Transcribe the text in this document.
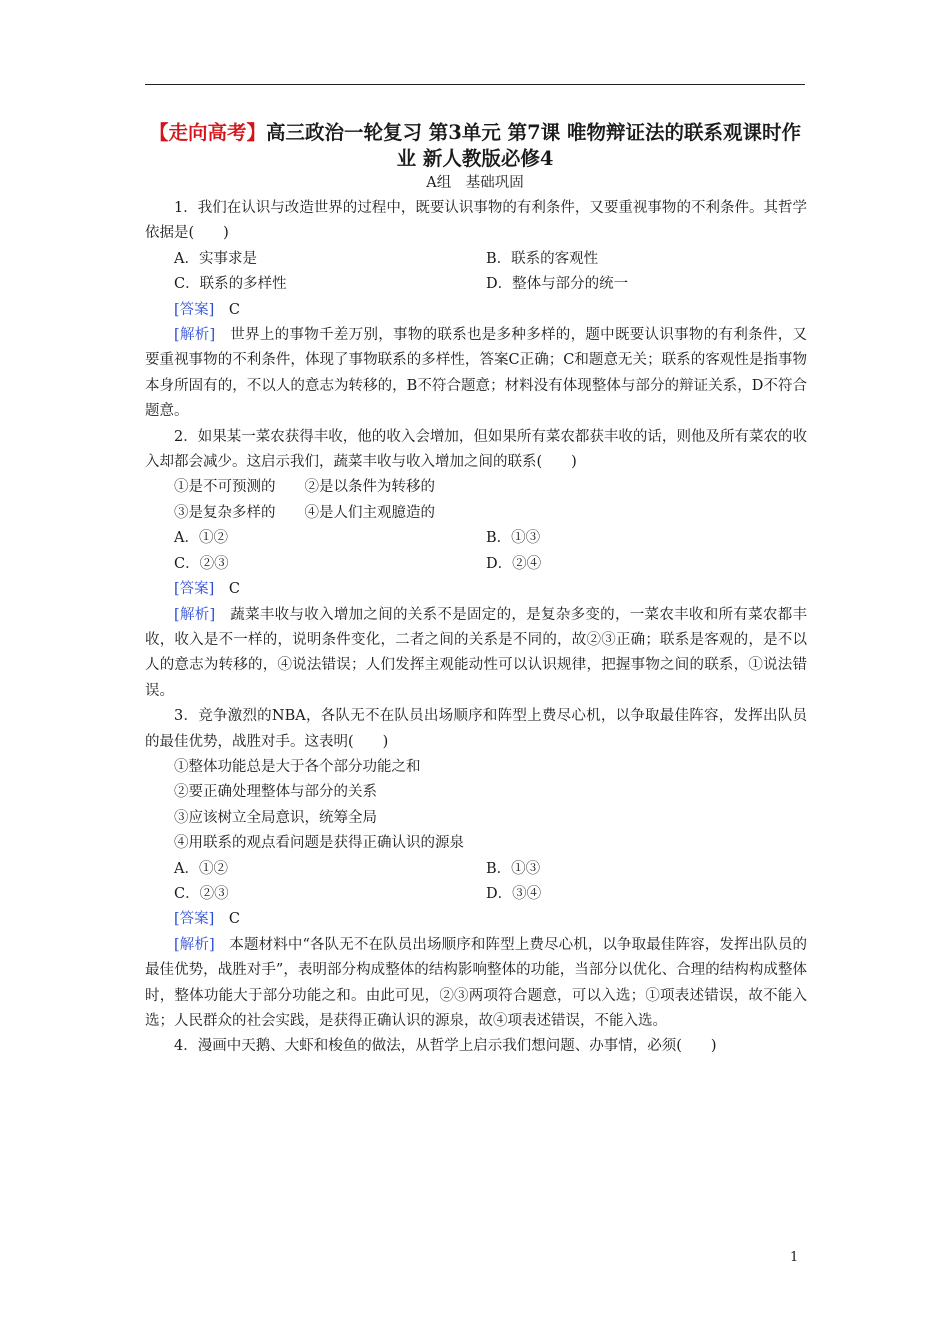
【走向高考】高三政治一轮复习 第3单元 第7课 唯物辩证法的联系观课时作业 新人教版必修4
A组　基础巩固

1．我们在认识与改造世界的过程中，既要认识事物的有利条件，又要重视事物的不利条件。其哲学依据是(　　)

A．实事求是	B．联系的客观性
C．联系的多样性	D．整体与部分的统一

[答案]　 C

[解析]　 世界上的事物千差万别，事物的联系也是多种多样的，题中既要认识事物的有利条件，又要重视事物的不利条件，体现了事物联系的多样性，答案C正确；C和题意无关；联系的客观性是指事物本身所固有的，不以人的意志为转移的，B不符合题意；材料没有体现整体与部分的辩证关系，D不符合题意。

2．如果某一菜农获得丰收，他的收入会增加，但如果所有菜农都获丰收的话，则他及所有菜农的收入却都会减少。这启示我们，蔬菜丰收与收入增加之间的联系(　　)

①是不可预测的　　②是以条件为转移的

③是复杂多样的　　④是人们主观臆造的

A．①②	B．①③
C．②③	D．②④

[答案]　 C

[解析]　 蔬菜丰收与收入增加之间的关系不是固定的，是复杂多变的，一菜农丰收和所有菜农都丰收，收入是不一样的，说明条件变化，二者之间的关系是不同的，故②③正确；联系是客观的，是不以人的意志为转移的，④说法错误；人们发挥主观能动性可以认识规律，把握事物之间的联系，①说法错误。

3．竞争激烈的NBA，各队无不在队员出场顺序和阵型上费尽心机，以争取最佳阵容，发挥出队员的最佳优势，战胜对手。这表明(　　)

①整体功能总是大于各个部分功能之和

②要正确处理整体与部分的关系

③应该树立全局意识，统筹全局

④用联系的观点看问题是获得正确认识的源泉

A．①②	B．①③
C．②③	D．③④

[答案]　 C

[解析]　 本题材料中“各队无不在队员出场顺序和阵型上费尽心机，以争取最佳阵容，发挥出队员的最佳优势，战胜对手”，表明部分构成整体的结构影响整体的功能，当部分以优化、合理的结构构成整体时，整体功能大于部分功能之和。由此可见，②③两项符合题意，可以入选；①项表述错误，故不能入选；人民群众的社会实践，是获得正确认识的源泉，故④项表述错误，不能入选。

4．漫画中天鹅、大虾和梭鱼的做法，从哲学上启示我们想问题、办事情，必须(　　)

1
